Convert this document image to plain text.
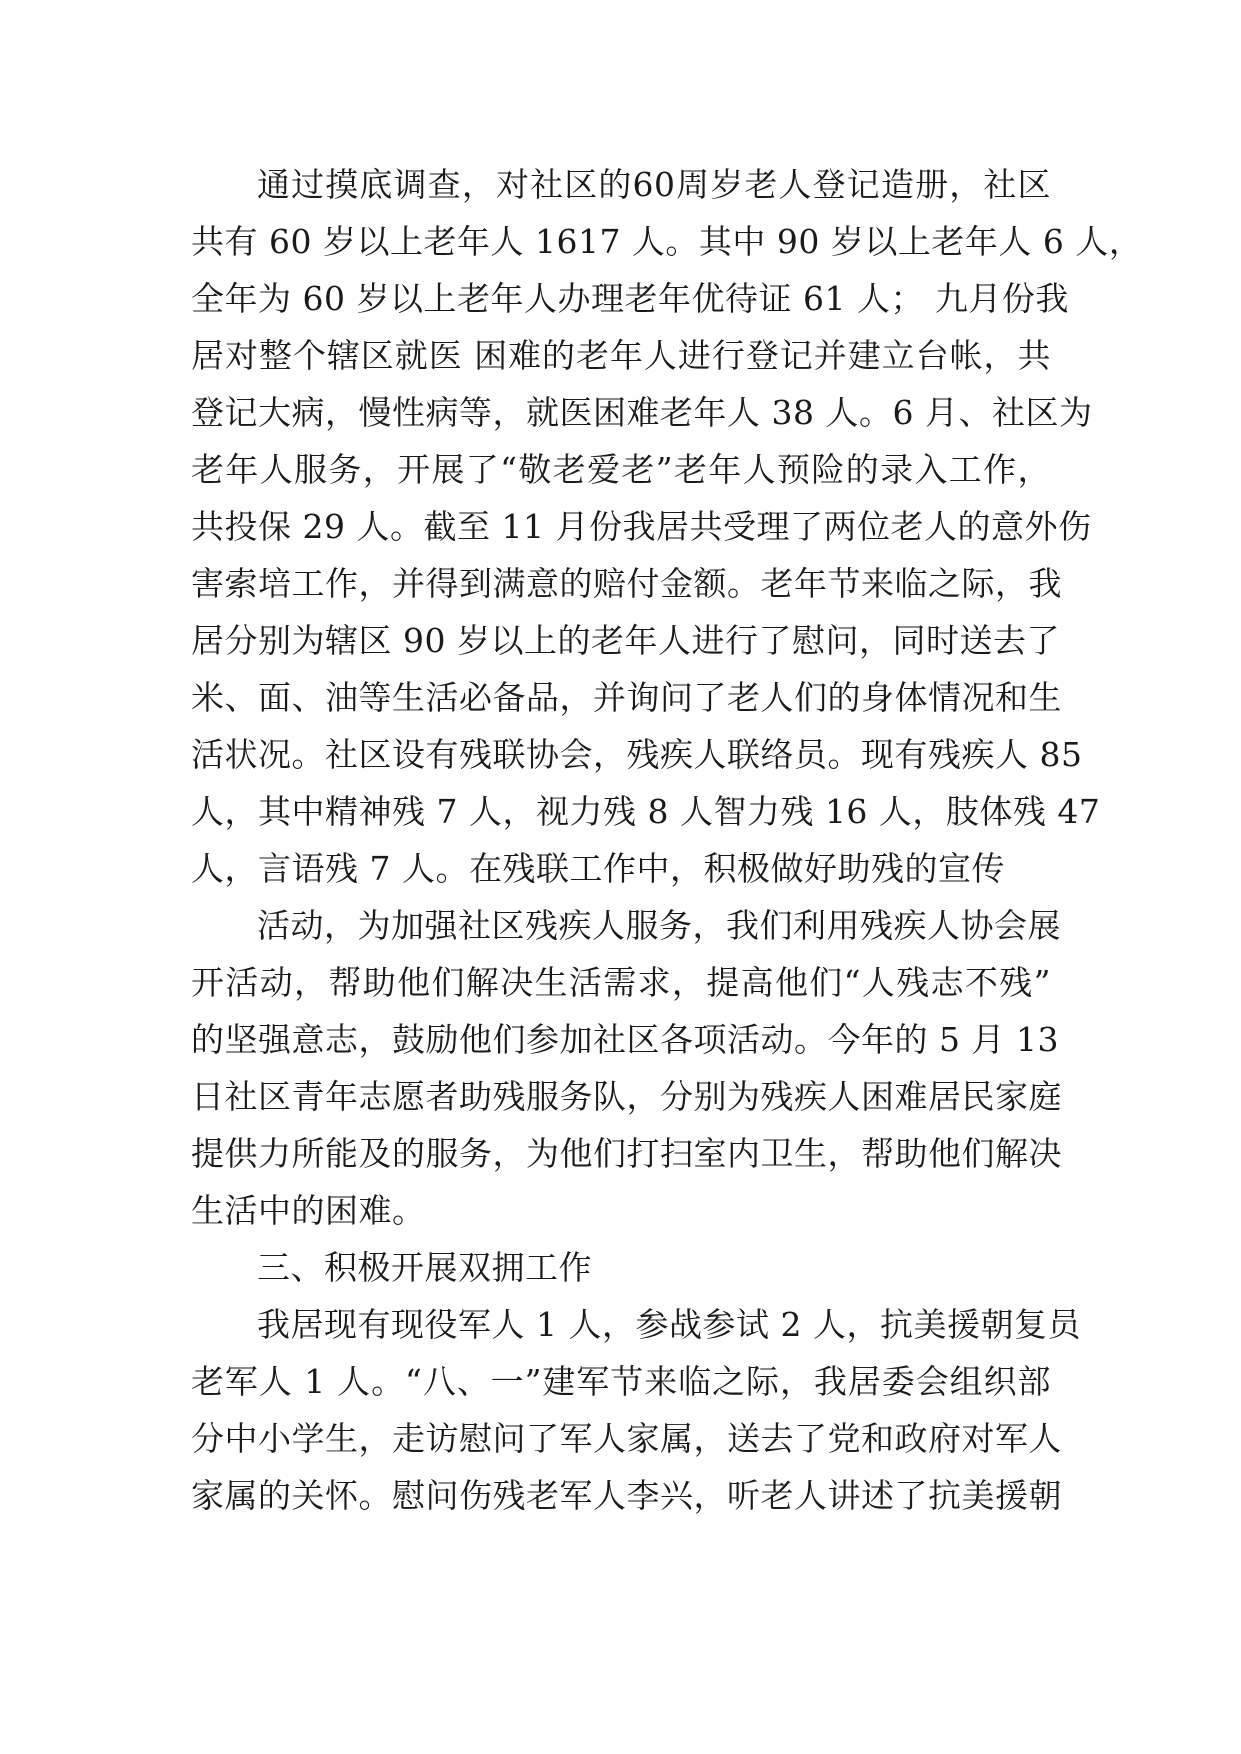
通过摸底调查，对社区的60周岁老人登记造册，社区
共有 60 岁以上老年人 1617 人。其中 90 岁以上老年人 6 人，
全年为 60 岁以上老年人办理老年优待证 61 人； 九月份我
居对整个辖区就医 困难的老年人进行登记并建立台帐，共
登记大病，慢性病等，就医困难老年人 38 人。6 月、社区为
老年人服务，开展了“敬老爱老”老年人预险的录入工作，
共投保 29 人。截至 11 月份我居共受理了两位老人的意外伤
害索培工作，并得到满意的赔付金额。老年节来临之际，我
居分别为辖区 90 岁以上的老年人进行了慰问，同时送去了
米、面、油等生活必备品，并询问了老人们的身体情况和生
活状况。社区设有残联协会，残疾人联络员。现有残疾人 85
人，其中精神残 7 人，视力残 8 人智力残 16 人，肢体残 47
人，言语残 7 人。在残联工作中，积极做好助残的宣传
活动，为加强社区残疾人服务，我们利用残疾人协会展
开活动，帮助他们解决生活需求，提高他们“人残志不残”
的坚强意志，鼓励他们参加社区各项活动。今年的 5 月 13
日社区青年志愿者助残服务队，分别为残疾人困难居民家庭
提供力所能及的服务，为他们打扫室内卫生，帮助他们解决
生活中的困难。
三、积极开展双拥工作
我居现有现役军人 1 人，参战参试 2 人，抗美援朝复员
老军人 1 人。“八、一”建军节来临之际，我居委会组织部
分中小学生，走访慰问了军人家属，送去了党和政府对军人
家属的关怀。慰问伤残老军人李兴，听老人讲述了抗美援朝
